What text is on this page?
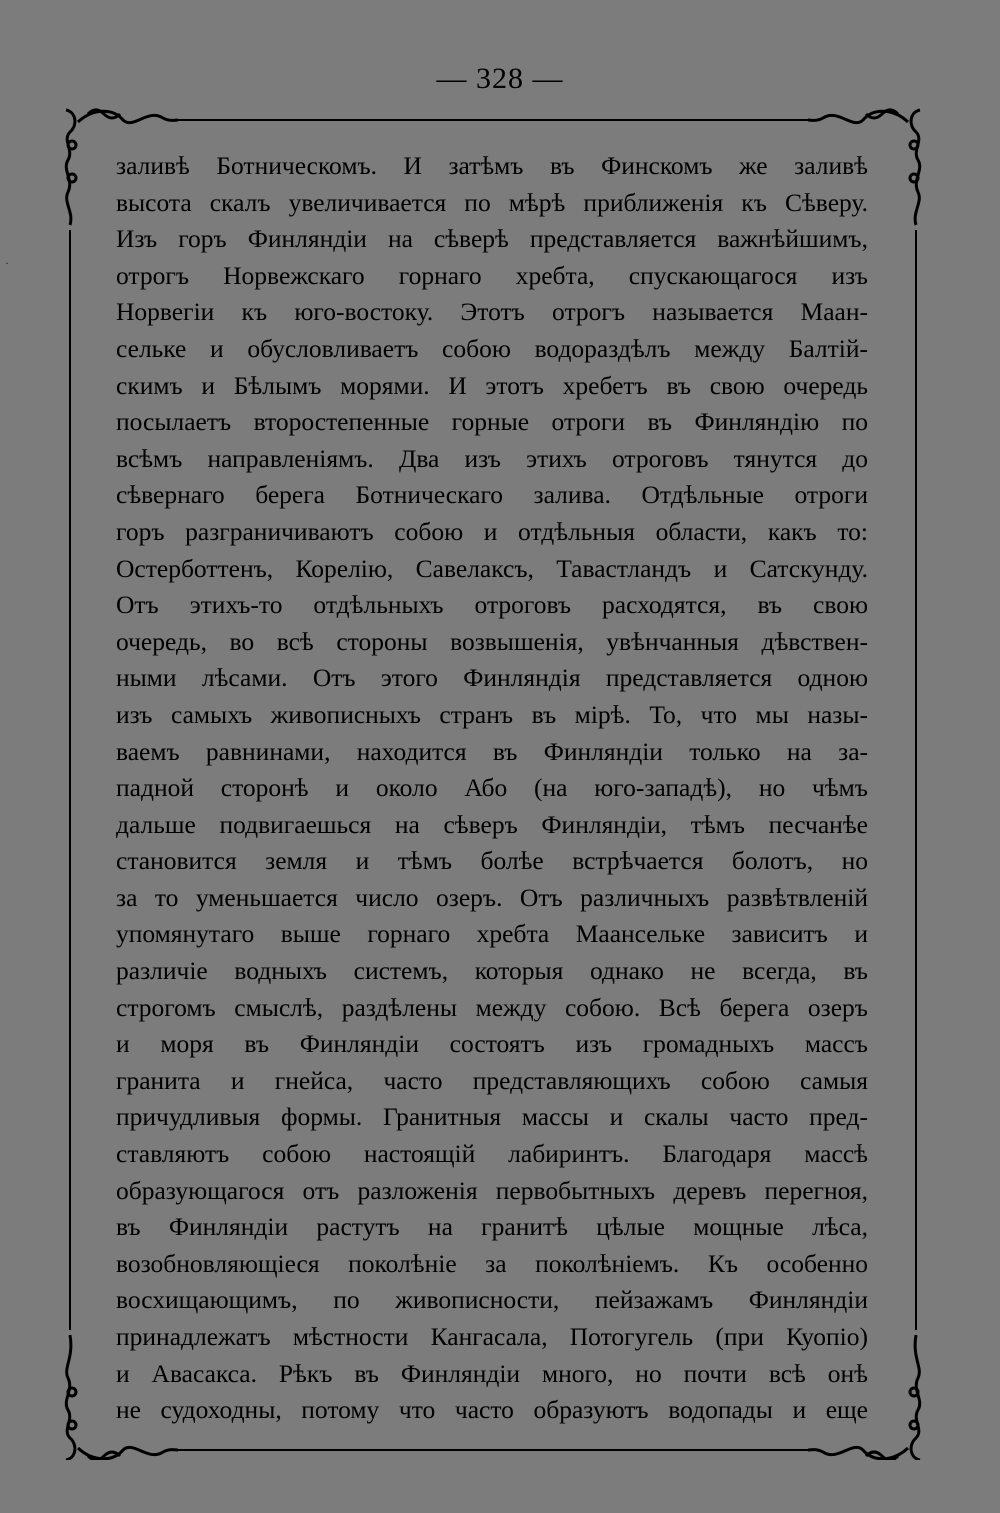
— 328 —
·
заливѣ Ботническомъ. И затѣмъ въ Финскомъ же заливѣ
высота скалъ увеличивается по мѣрѣ приближенія къ Сѣверу.
Изъ горъ Финляндіи на сѣверѣ представляется важнѣйшимъ,
отрогъ Норвежскаго горнаго хребта, спускающагося изъ
Норвегіи къ юго-востоку. Этотъ отрогъ называется Маан-
сельке и обусловливаетъ собою водораздѣлъ между Балтій-
скимъ и Бѣлымъ морями. И этотъ хребетъ въ свою очередь
посылаетъ второстепенные горные отроги въ Финляндію по
всѣмъ направленіямъ. Два изъ этихъ отроговъ тянутся до
сѣвернаго берега Ботническаго залива. Отдѣльные отроги
горъ разграничиваютъ собою и отдѣльныя области, какъ то:
Остерботтенъ, Корелію, Савелаксъ, Тавастландъ и Сатскунду.
Отъ этихъ-то отдѣльныхъ отроговъ расходятся, въ свою
очередь, во всѣ стороны возвышенія, увѣнчанныя дѣвствен-
ными лѣсами. Отъ этого Финляндія представляется одною
изъ самыхъ живописныхъ странъ въ мірѣ. То, что мы назы-
ваемъ равнинами, находится въ Финляндіи только на за-
падной сторонѣ и около Або (на юго-западѣ), но чѣмъ
дальше подвигаешься на сѣверъ Финляндіи, тѣмъ песчанѣе
становится земля и тѣмъ болѣе встрѣчается болотъ, но
за то уменьшается число озеръ. Отъ различныхъ развѣтвленій
упомянутаго выше горнаго хребта Маансельке зависитъ и
различіе водныхъ системъ, которыя однако не всегда, въ
строгомъ смыслѣ, раздѣлены между собою. Всѣ берега озеръ
и моря въ Финляндіи состоятъ изъ громадныхъ массъ
гранита и гнейса, часто представляющихъ собою самыя
причудливыя формы. Гранитныя массы и скалы часто пред-
ставляютъ собою настоящій лабиринтъ. Благодаря массѣ
образующагося отъ разложенія первобытныхъ деревъ перегноя,
въ Финляндіи растутъ на гранитѣ цѣлые мощные лѣса,
возобновляющіеся поколѣніе за поколѣніемъ. Къ особенно
восхищающимъ, по живописности, пейзажамъ Финляндіи
принадлежатъ мѣстности Кангасала, Потогугель (при Куопіо)
и Авасакса. Рѣкъ въ Финляндіи много, но почти всѣ онѣ
не судоходны, потому что часто образуютъ водопады и еще
